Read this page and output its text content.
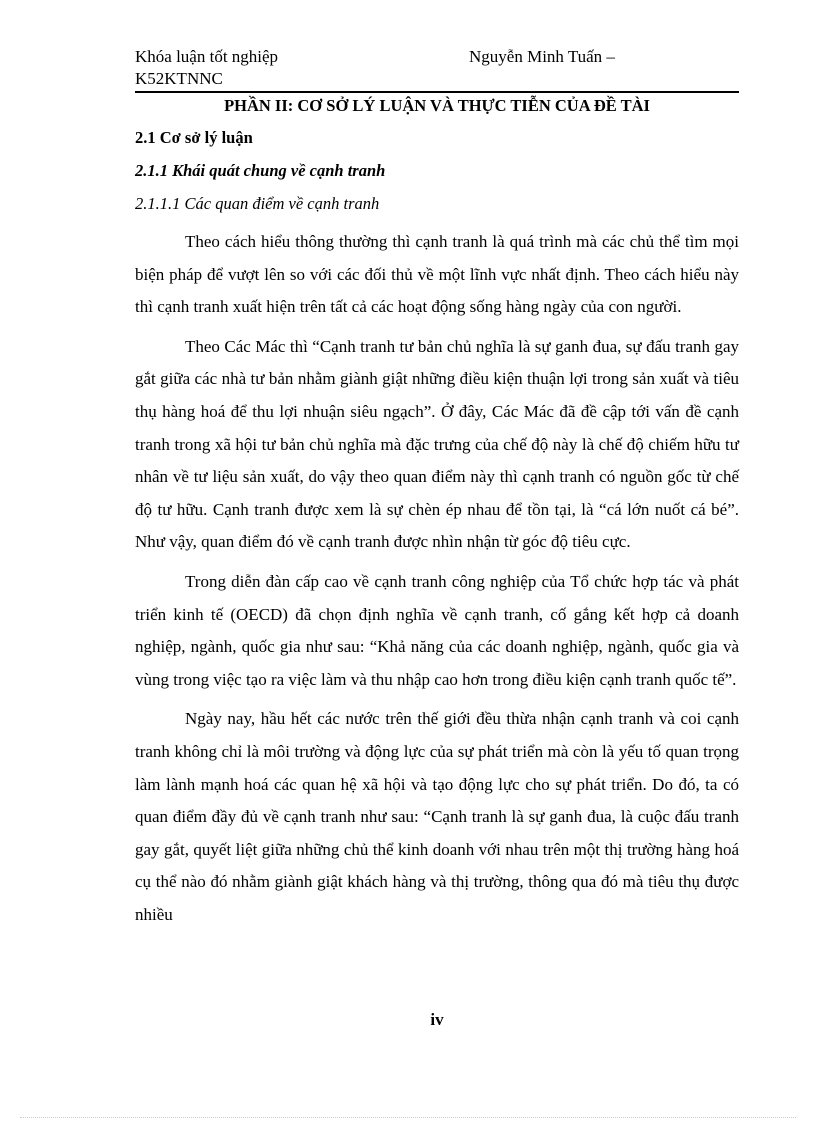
Khóa luận tốt nghiệp	Nguyễn Minh Tuấn –
K52KTNNC
PHẦN II: CƠ SỞ LÝ LUẬN VÀ THỰC TIỄN CỦA ĐỀ TÀI
2.1 Cơ sở lý luận
2.1.1 Khái quát chung về cạnh tranh
2.1.1.1 Các quan điểm về cạnh tranh

Theo cách hiểu thông thường thì cạnh tranh là quá trình mà các chủ thể tìm mọi biện pháp để vượt lên so với các đối thủ về một lĩnh vực nhất định. Theo cách hiểu này thì cạnh tranh xuất hiện trên tất cả các hoạt động sống hàng ngày của con người.

Theo Các Mác thì “Cạnh tranh tư bản chủ nghĩa là sự ganh đua, sự đấu tranh gay gắt giữa các nhà tư bản nhằm giành giật những điều kiện thuận lợi trong sản xuất và tiêu thụ hàng hoá để thu lợi nhuận siêu ngạch”. Ở đây, Các Mác đã đề cập tới vấn đề cạnh tranh trong xã hội tư bản chủ nghĩa mà đặc trưng của chế độ này là chế độ chiếm hữu tư nhân về tư liệu sản xuất, do vậy theo quan điểm này thì cạnh tranh có nguồn gốc từ chế độ tư hữu. Cạnh tranh được xem là sự chèn ép nhau để tồn tại, là “cá lớn nuốt cá bé”. Như vậy, quan điểm đó về cạnh tranh được nhìn nhận từ góc độ tiêu cực.

Trong diễn đàn cấp cao về cạnh tranh công nghiệp của Tổ chức hợp tác và phát triển kinh tế (OECD) đã chọn định nghĩa về cạnh tranh, cố gắng kết hợp cả doanh nghiệp, ngành, quốc gia như sau: “Khả năng của các doanh nghiệp, ngành, quốc gia và vùng trong việc tạo ra việc làm và thu nhập cao hơn trong điều kiện cạnh tranh quốc tế”.

Ngày nay, hầu hết các nước trên thế giới đều thừa nhận cạnh tranh và coi cạnh tranh không chỉ là môi trường và động lực của sự phát triển mà còn là yếu tố quan trọng làm lành mạnh hoá các quan hệ xã hội và tạo động lực cho sự phát triển. Do đó, ta có quan điểm đầy đủ về cạnh tranh như sau: “Cạnh tranh là sự ganh đua, là cuộc đấu tranh gay gắt, quyết liệt giữa những chủ thể kinh doanh với nhau trên một thị trường hàng hoá cụ thể nào đó nhằm giành giật khách hàng và thị trường, thông qua đó mà tiêu thụ được nhiều

iv
